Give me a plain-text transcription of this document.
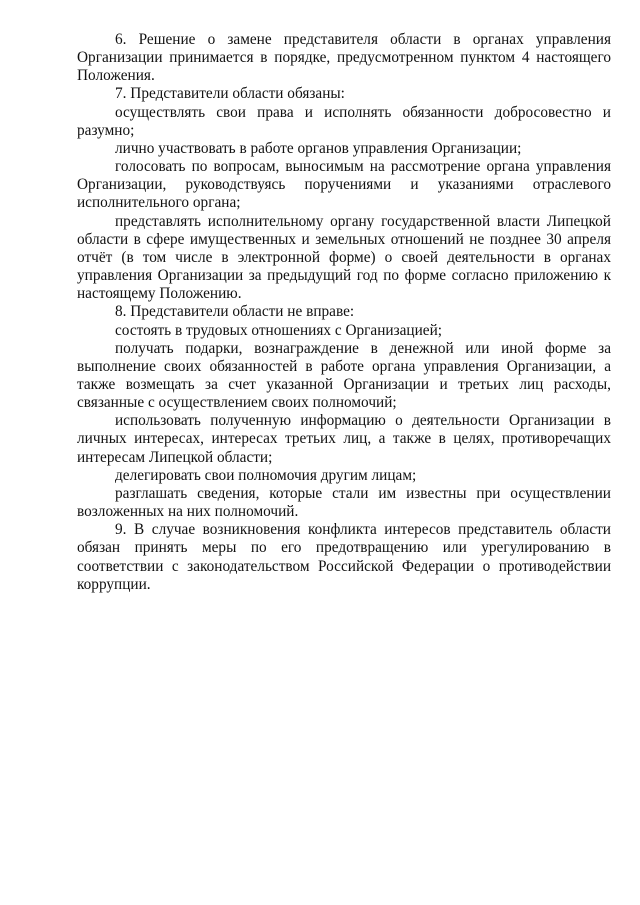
6. Решение о замене представителя области в органах управления Организации принимается в порядке, предусмотренном пунктом 4 настоящего Положения.

7. Представители области обязаны:

осуществлять свои права и исполнять обязанности добросовестно и разумно;

лично участвовать в работе органов управления Организации;

голосовать по вопросам, выносимым на рассмотрение органа управления Организации, руководствуясь поручениями и указаниями отраслевого исполнительного органа;

представлять исполнительному органу государственной власти Липецкой области в сфере имущественных и земельных отношений не позднее 30 апреля отчёт (в том числе в электронной форме) о своей деятельности в органах управления Организации за предыдущий год по форме согласно приложению к настоящему Положению.

8. Представители области не вправе:

состоять в трудовых отношениях с Организацией;

получать подарки, вознаграждение в денежной или иной форме за выполнение своих обязанностей в работе органа управления Организации, а также возмещать за счет указанной Организации и третьих лиц расходы, связанные с осуществлением своих полномочий;

использовать полученную информацию о деятельности Организации в личных интересах, интересах третьих лиц, а также в целях, противоречащих интересам Липецкой области;

делегировать свои полномочия другим лицам;

разглашать сведения, которые стали им известны при осуществлении возложенных на них полномочий.

9. В случае возникновения конфликта интересов представитель области обязан принять меры по его предотвращению или урегулированию в соответствии с законодательством Российской Федерации о противодействии коррупции.
